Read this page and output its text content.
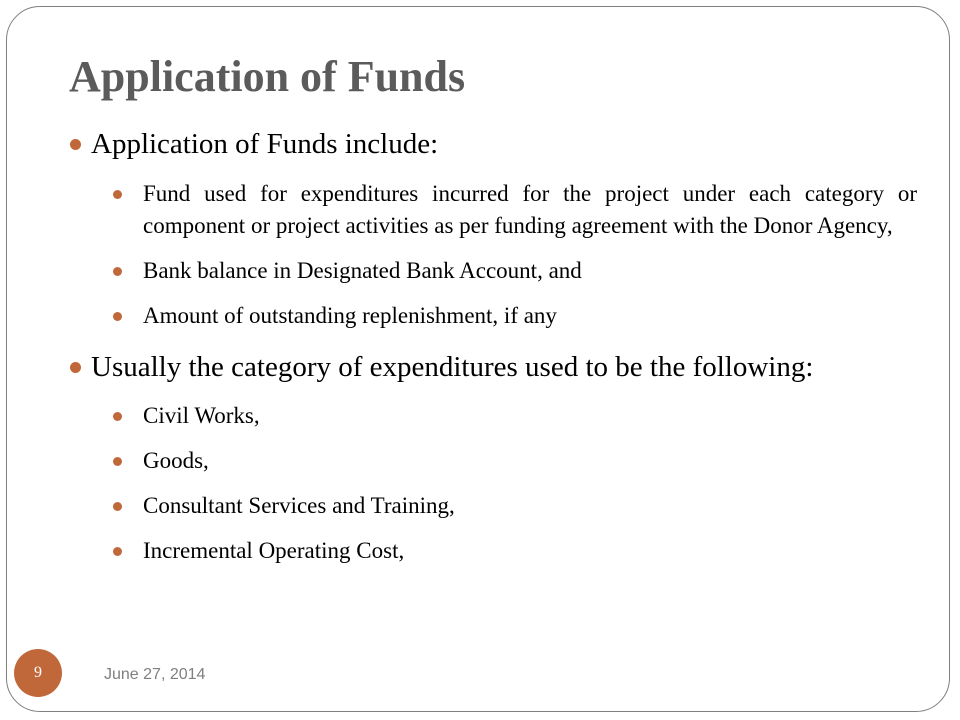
Application of Funds
Application of Funds include:
Fund used for expenditures incurred for the project under each category or component or project activities as per funding agreement with the Donor Agency,
Bank balance in Designated Bank Account, and
Amount of outstanding replenishment, if any
Usually the category of expenditures used to be the following:
Civil Works,
Goods,
Consultant Services and Training,
Incremental Operating Cost,
9	June 27, 2014
